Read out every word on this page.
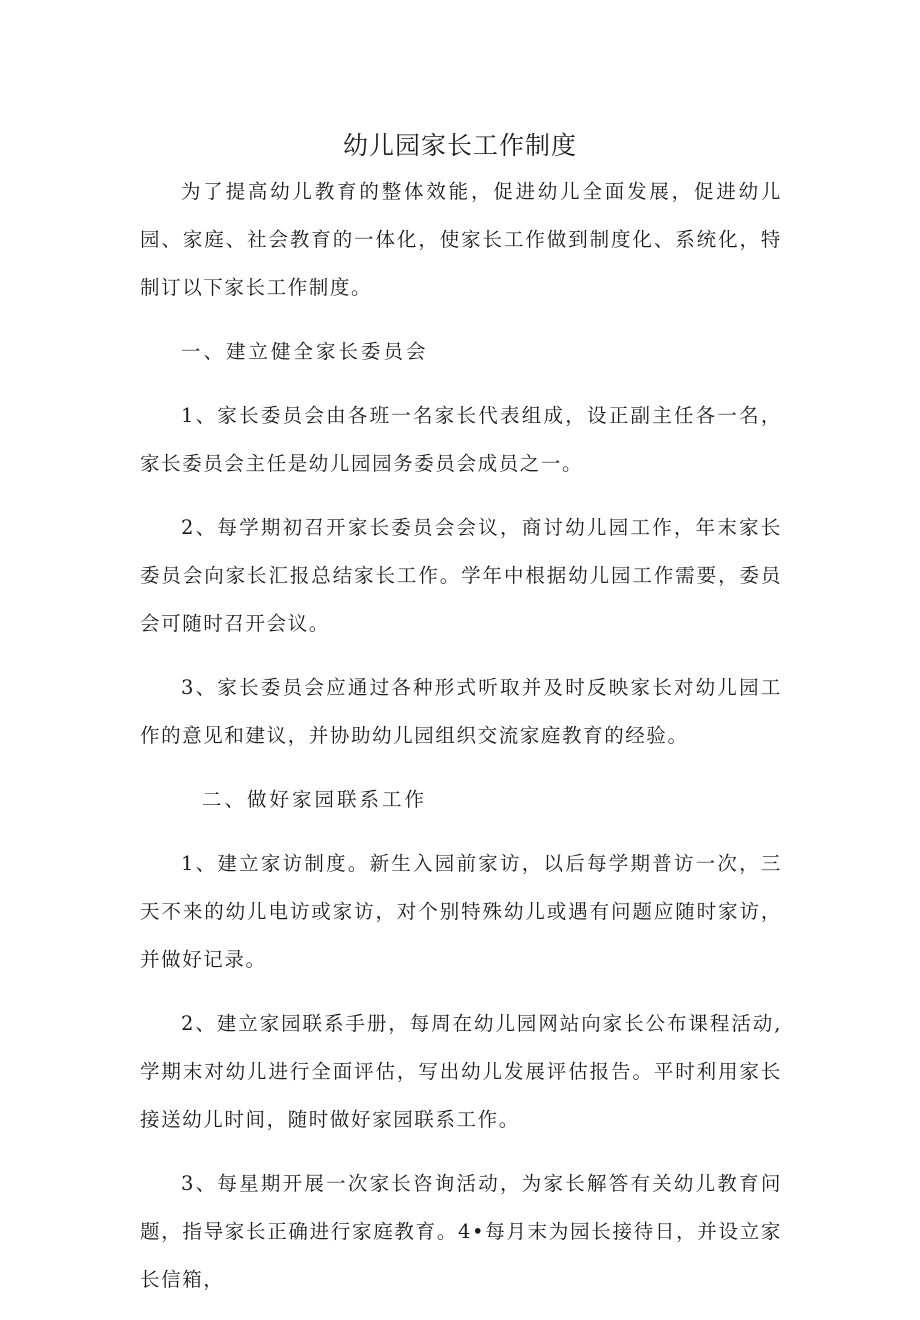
幼儿园家长工作制度

为了提高幼儿教育的整体效能，促进幼儿全面发展，促进幼儿园、家庭、社会教育的一体化，使家长工作做到制度化、系统化，特制订以下家长工作制度。

一、建立健全家长委员会

1、家长委员会由各班一名家长代表组成，设正副主任各一名，家长委员会主任是幼儿园园务委员会成员之一。

2、每学期初召开家长委员会会议，商讨幼儿园工作，年末家长委员会向家长汇报总结家长工作。学年中根据幼儿园工作需要，委员会可随时召开会议。

3、家长委员会应通过各种形式听取并及时反映家长对幼儿园工作的意见和建议，并协助幼儿园组织交流家庭教育的经验。

二、做好家园联系工作

1、建立家访制度。新生入园前家访，以后每学期普访一次，三天不来的幼儿电访或家访，对个别特殊幼儿或遇有问题应随时家访，并做好记录。

2、建立家园联系手册，每周在幼儿园网站向家长公布课程活动,学期末对幼儿进行全面评估，写出幼儿发展评估报告。平时利用家长接送幼儿时间，随时做好家园联系工作。

3、每星期开展一次家长咨询活动，为家长解答有关幼儿教育问题，指导家长正确进行家庭教育。4•每月末为园长接待日，并设立家长信箱，
